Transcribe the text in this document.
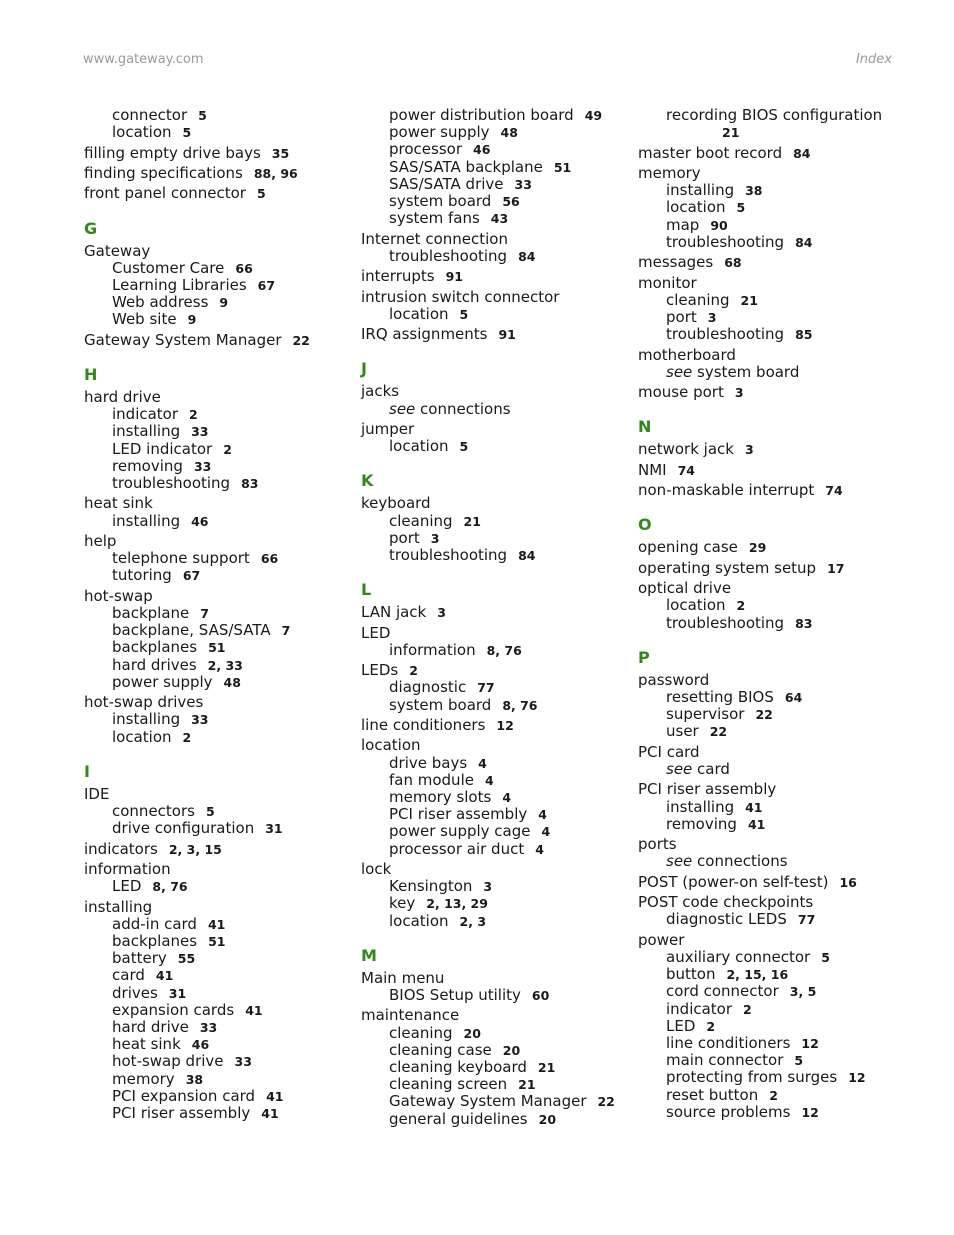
www.gateway.com	Index
connector 5
location 5
filling empty drive bays 35
finding specifications 88, 96
front panel connector 5
G
Gateway
Customer Care 66
Learning Libraries 67
Web address 9
Web site 9
Gateway System Manager 22
H
hard drive
indicator 2
installing 33
LED indicator 2
removing 33
troubleshooting 83
heat sink
installing 46
help
telephone support 66
tutoring 67
hot-swap
backplane 7
backplane, SAS/SATA 7
backplanes 51
hard drives 2, 33
power supply 48
hot-swap drives
installing 33
location 2
I
IDE
connectors 5
drive configuration 31
indicators 2, 3, 15
information
LED 8, 76
installing
add-in card 41
backplanes 51
battery 55
card 41
drives 31
expansion cards 41
hard drive 33
heat sink 46
hot-swap drive 33
memory 38
PCI expansion card 41
PCI riser assembly 41
power distribution board 49
power supply 48
processor 46
SAS/SATA backplane 51
SAS/SATA drive 33
system board 56
system fans 43
Internet connection
troubleshooting 84
interrupts 91
intrusion switch connector
location 5
IRQ assignments 91
J
jacks
see connections
jumper
location 5
K
keyboard
cleaning 21
port 3
troubleshooting 84
L
LAN jack 3
LED
information 8, 76
LEDs 2
diagnostic 77
system board 8, 76
line conditioners 12
location
drive bays 4
fan module 4
memory slots 4
PCI riser assembly 4
power supply cage 4
processor air duct 4
lock
Kensington 3
key 2, 13, 29
location 2, 3
M
Main menu
BIOS Setup utility 60
maintenance
cleaning 20
cleaning case 20
cleaning keyboard 21
cleaning screen 21
Gateway System Manager 22
general guidelines 20
recording BIOS configuration
21
master boot record 84
memory
installing 38
location 5
map 90
troubleshooting 84
messages 68
monitor
cleaning 21
port 3
troubleshooting 85
motherboard
see system board
mouse port 3
N
network jack 3
NMI 74
non-maskable interrupt 74
O
opening case 29
operating system setup 17
optical drive
location 2
troubleshooting 83
P
password
resetting BIOS 64
supervisor 22
user 22
PCI card
see card
PCI riser assembly
installing 41
removing 41
ports
see connections
POST (power-on self-test) 16
POST code checkpoints
diagnostic LEDS 77
power
auxiliary connector 5
button 2, 15, 16
cord connector 3, 5
indicator 2
LED 2
line conditioners 12
main connector 5
protecting from surges 12
reset button 2
source problems 12
